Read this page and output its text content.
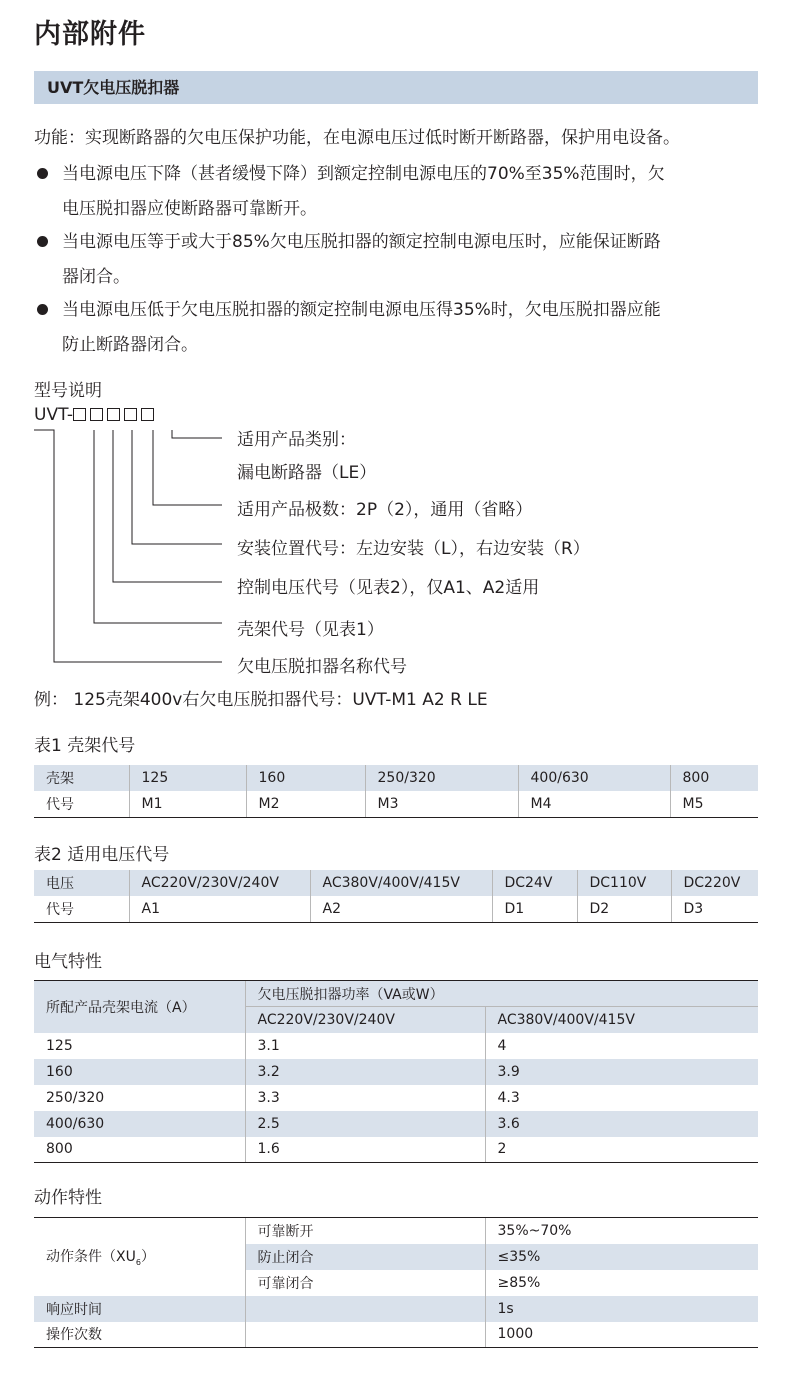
内部附件
UVT欠电压脱扣器
功能：实现断路器的欠电压保护功能，在电源电压过低时断开断路器，保护用电设备。
当电源电压下降（甚者缓慢下降）到额定控制电源电压的70%至35%范围时，欠
电压脱扣器应使断路器可靠断开。
当电源电压等于或大于85%欠电压脱扣器的额定控制电源电压时，应能保证断路
器闭合。
当电源电压低于欠电压脱扣器的额定控制电源电压得35%时，欠电压脱扣器应能
防止断路器闭合。
型号说明
UVT-
适用产品类别：
漏电断路器（LE）
适用产品极数：2P（2），通用（省略）
安装位置代号：左边安装（L），右边安装（R）
控制电压代号（见表2），仅A1、A2适用
壳架代号（见表1）
欠电压脱扣器名称代号
例： 125壳架400v右欠电压脱扣器代号：UVT-M1 A2 R LE
表1 壳架代号
壳架	125	160	250/320	400/630	800
代号	M1	M2	M3	M4	M5
表2 适用电压代号
电压	AC220V/230V/240V	AC380V/400V/415V	DC24V	DC110V	DC220V
代号	A1	A2	D1	D2	D3
电气特性
所配产品壳架电流（A）	欠电压脱扣器功率（VA或W）	
	AC220V/230V/240V	AC380V/400V/415V
125	3.1	4
160	3.2	3.9
250/320	3.3	4.3
400/630	2.5	3.6
800	1.6	2
动作特性
动作条件$(XU_6)$	可靠断开	35%~70%
	防止闭合	≤35%
	可靠闭合	≥85%
响应时间		1s
操作次数		1000
